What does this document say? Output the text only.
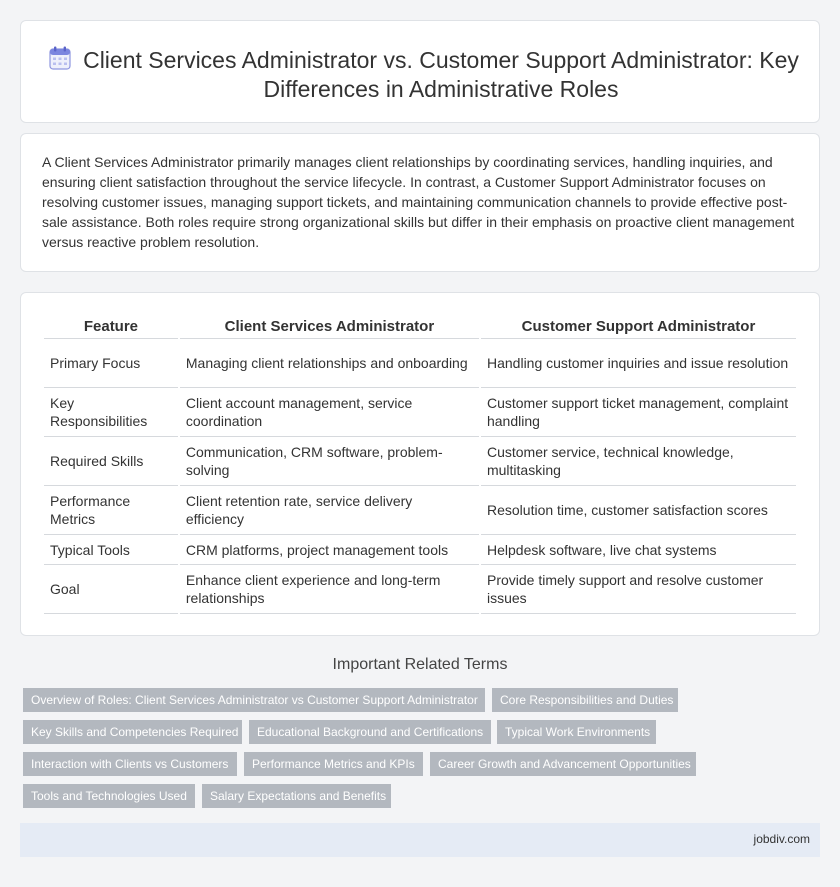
Client Services Administrator vs. Customer Support Administrator: Key Differences in Administrative Roles

A Client Services Administrator primarily manages client relationships by coordinating services, handling inquiries, and ensuring client satisfaction throughout the service lifecycle. In contrast, a Customer Support Administrator focuses on resolving customer issues, managing support tickets, and maintaining communication channels to provide effective post-sale assistance. Both roles require strong organizational skills but differ in their emphasis on proactive client management versus reactive problem resolution.

Feature	Client Services Administrator	Customer Support Administrator
Primary Focus	Managing client relationships and onboarding	Handling customer inquiries and issue resolution
Key Responsibilities	Client account management, service coordination	Customer support ticket management, complaint handling
Required Skills	Communication, CRM software, problem-solving	Customer service, technical knowledge, multitasking
Performance Metrics	Client retention rate, service delivery efficiency	Resolution time, customer satisfaction scores
Typical Tools	CRM platforms, project management tools	Helpdesk software, live chat systems
Goal	Enhance client experience and long-term relationships	Provide timely support and resolve customer issues
Important Related Terms
Overview of Roles: Client Services Administrator vs Customer Support Administrator	Core Responsibilities and Duties
Key Skills and Competencies Required	Educational Background and Certifications	Typical Work Environments
Interaction with Clients vs Customers	Performance Metrics and KPIs	Career Growth and Advancement Opportunities
Tools and Technologies Used	Salary Expectations and Benefits
jobdiv.com
